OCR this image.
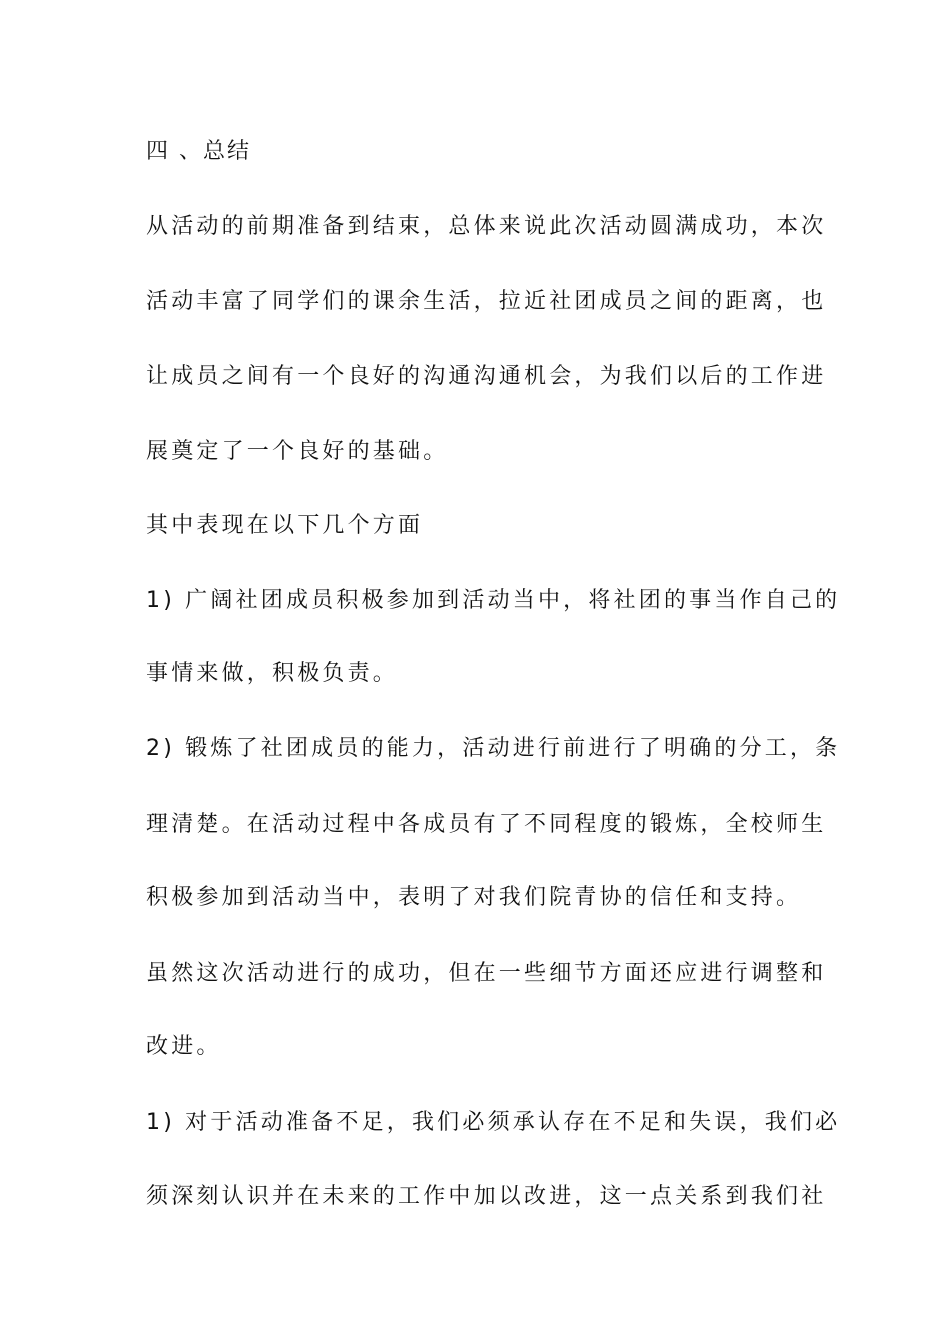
四 、总结
从活动的前期准备到结束，总体来说此次活动圆满成功，本次
活动丰富了同学们的课余生活，拉近社团成员之间的距离，也
让成员之间有一个良好的沟通沟通机会，为我们以后的工作进
展奠定了一个良好的基础。
其中表现在以下几个方面
1) 广阔社团成员积极参加到活动当中，将社团的事当作自己的
事情来做，积极负责。
2) 锻炼了社团成员的能力，活动进行前进行了明确的分工，条
理清楚。在活动过程中各成员有了不同程度的锻炼，全校师生
积极参加到活动当中，表明了对我们院青协的信任和支持。
虽然这次活动进行的成功，但在一些细节方面还应进行调整和
改进。
1) 对于活动准备不足，我们必须承认存在不足和失误，我们必
须深刻认识并在未来的工作中加以改进，这一点关系到我们社
